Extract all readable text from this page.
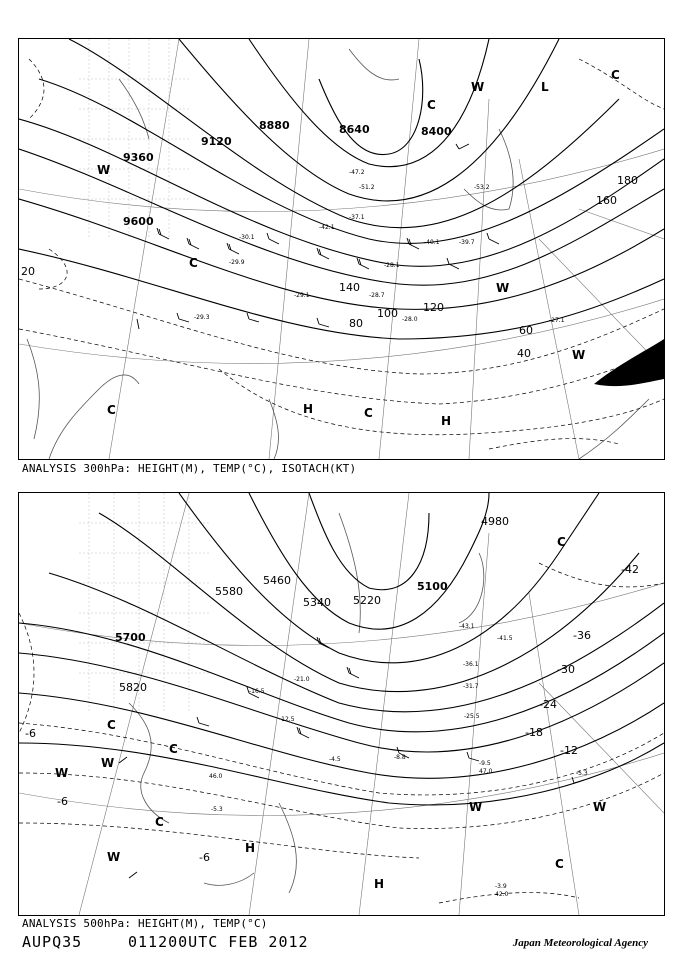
-53.2
-51.2
-47.2
-42.1
-37.1
-30.1
-29.9
-29.3
-28.7
-28.1
-27.1
-29.1
-28.0
-40.1	-39.7
8400
8640
8880
9120
9360
9600
20
40
60
80
100 120
140
160
180
C
C
C
C
W
W
W
W
H
H
L
C
ANALYSIS 300hPa: HEIGHT(M), TEMP(°C), ISOTACH(KT)
-43.1
-41.5
-36.1
-31.7
-25.5
-21.0
-16.5
-12.5
-9.5
-8.8
-5.3
-5.3
-3.9
-4.5
42.0
47.0
46.0
4980
5100
5220
5340
5460
5580
5700
5820
-42
-36
-30
-24
-18
-12
-6
-6
-6
C
C
C
C
C
W
W
W
W	W
H
H
ANALYSIS 500hPa: HEIGHT(M), TEMP(°C)
AUPQ35	011200UTC FEB 2012	Japan Meteorological Agency
